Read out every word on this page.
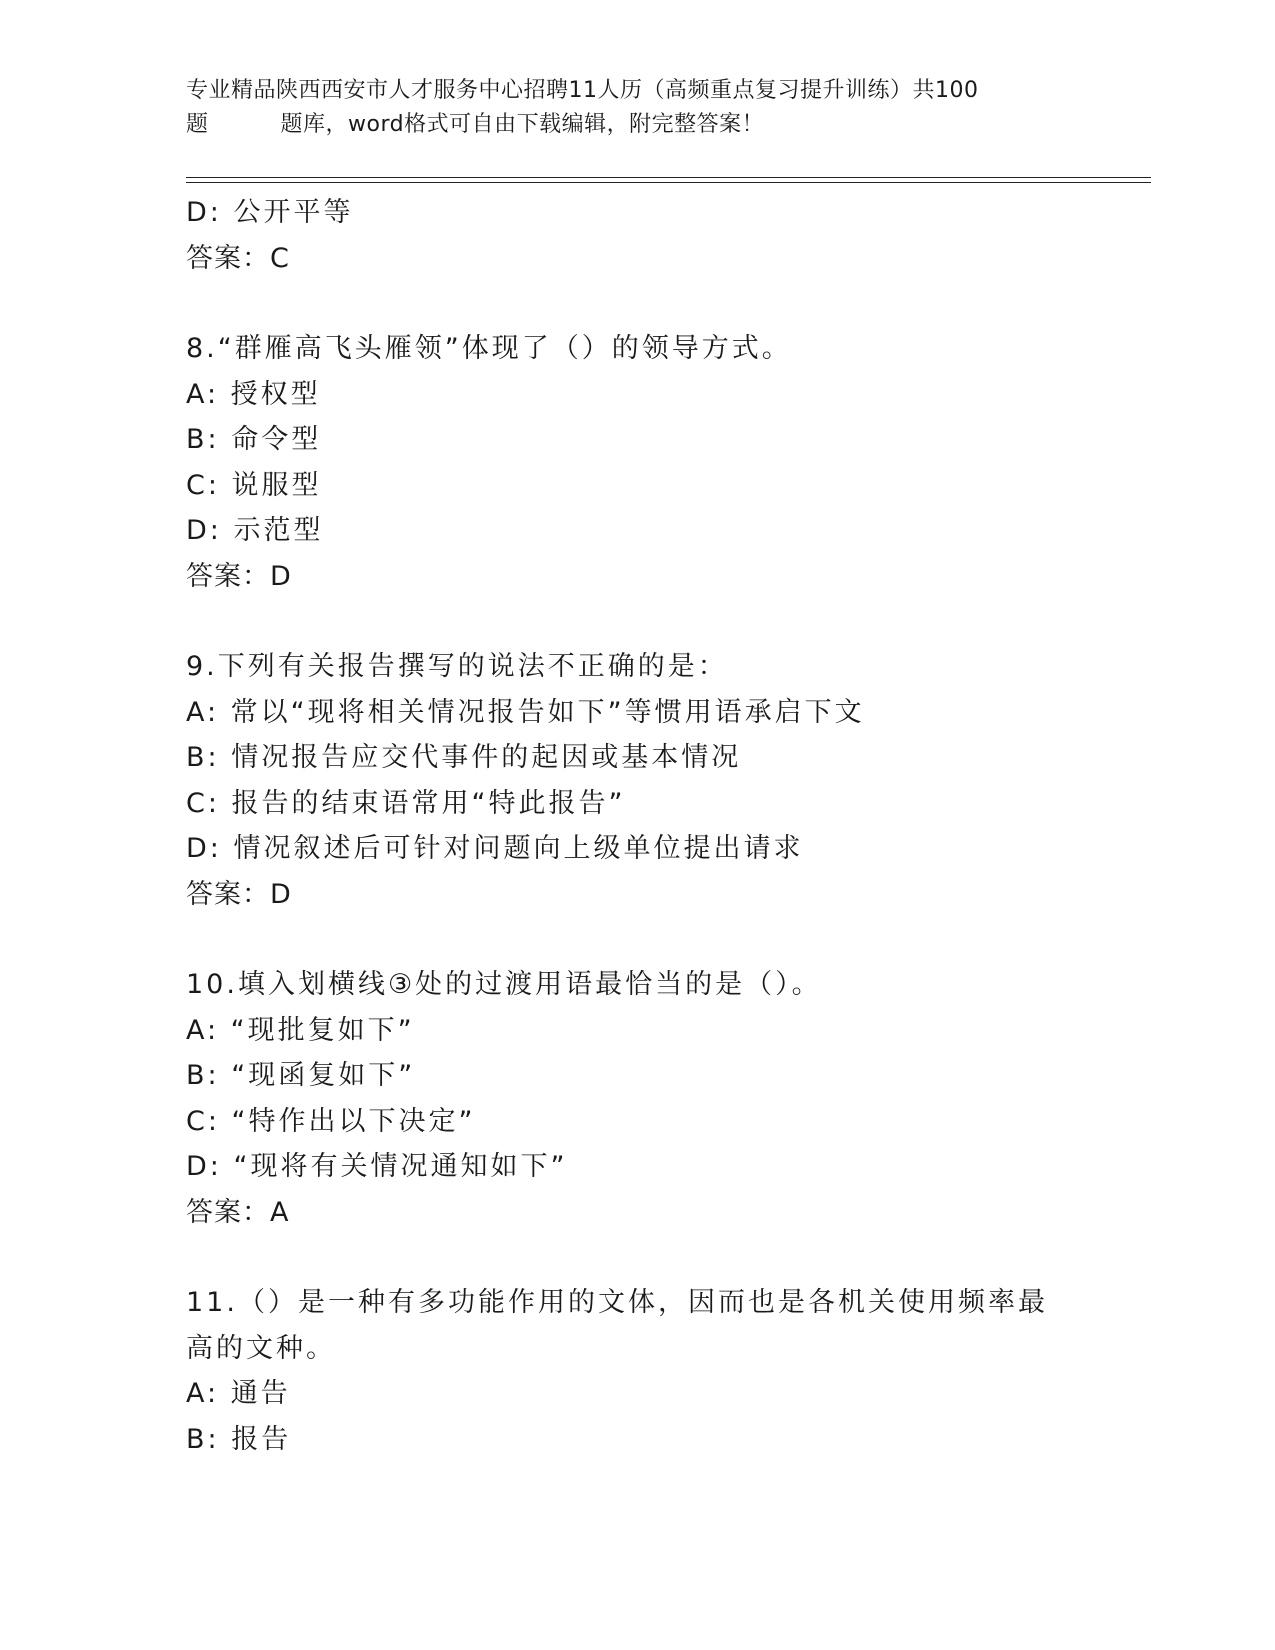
专业精品陕西西安市人才服务中心招聘11人历（高频重点复习提升训练）共100
题	题库，word格式可自由下载编辑，附完整答案！
D: 公开平等
答案：C
8.“群雁高飞头雁领”体现了（）的领导方式。
A: 授权型
B: 命令型
C: 说服型
D: 示范型
答案：D
9.下列有关报告撰写的说法不正确的是：
A: 常以“现将相关情况报告如下”等惯用语承启下文
B: 情况报告应交代事件的起因或基本情况
C: 报告的结束语常用“特此报告”
D: 情况叙述后可针对问题向上级单位提出请求
答案：D
10.填入划横线③处的过渡用语最恰当的是（）。
A: “现批复如下”
B: “现函复如下”
C: “特作出以下决定”
D: “现将有关情况通知如下”
答案：A
11.（）是一种有多功能作用的文体，因而也是各机关使用频率最高的文种。
A: 通告
B: 报告
